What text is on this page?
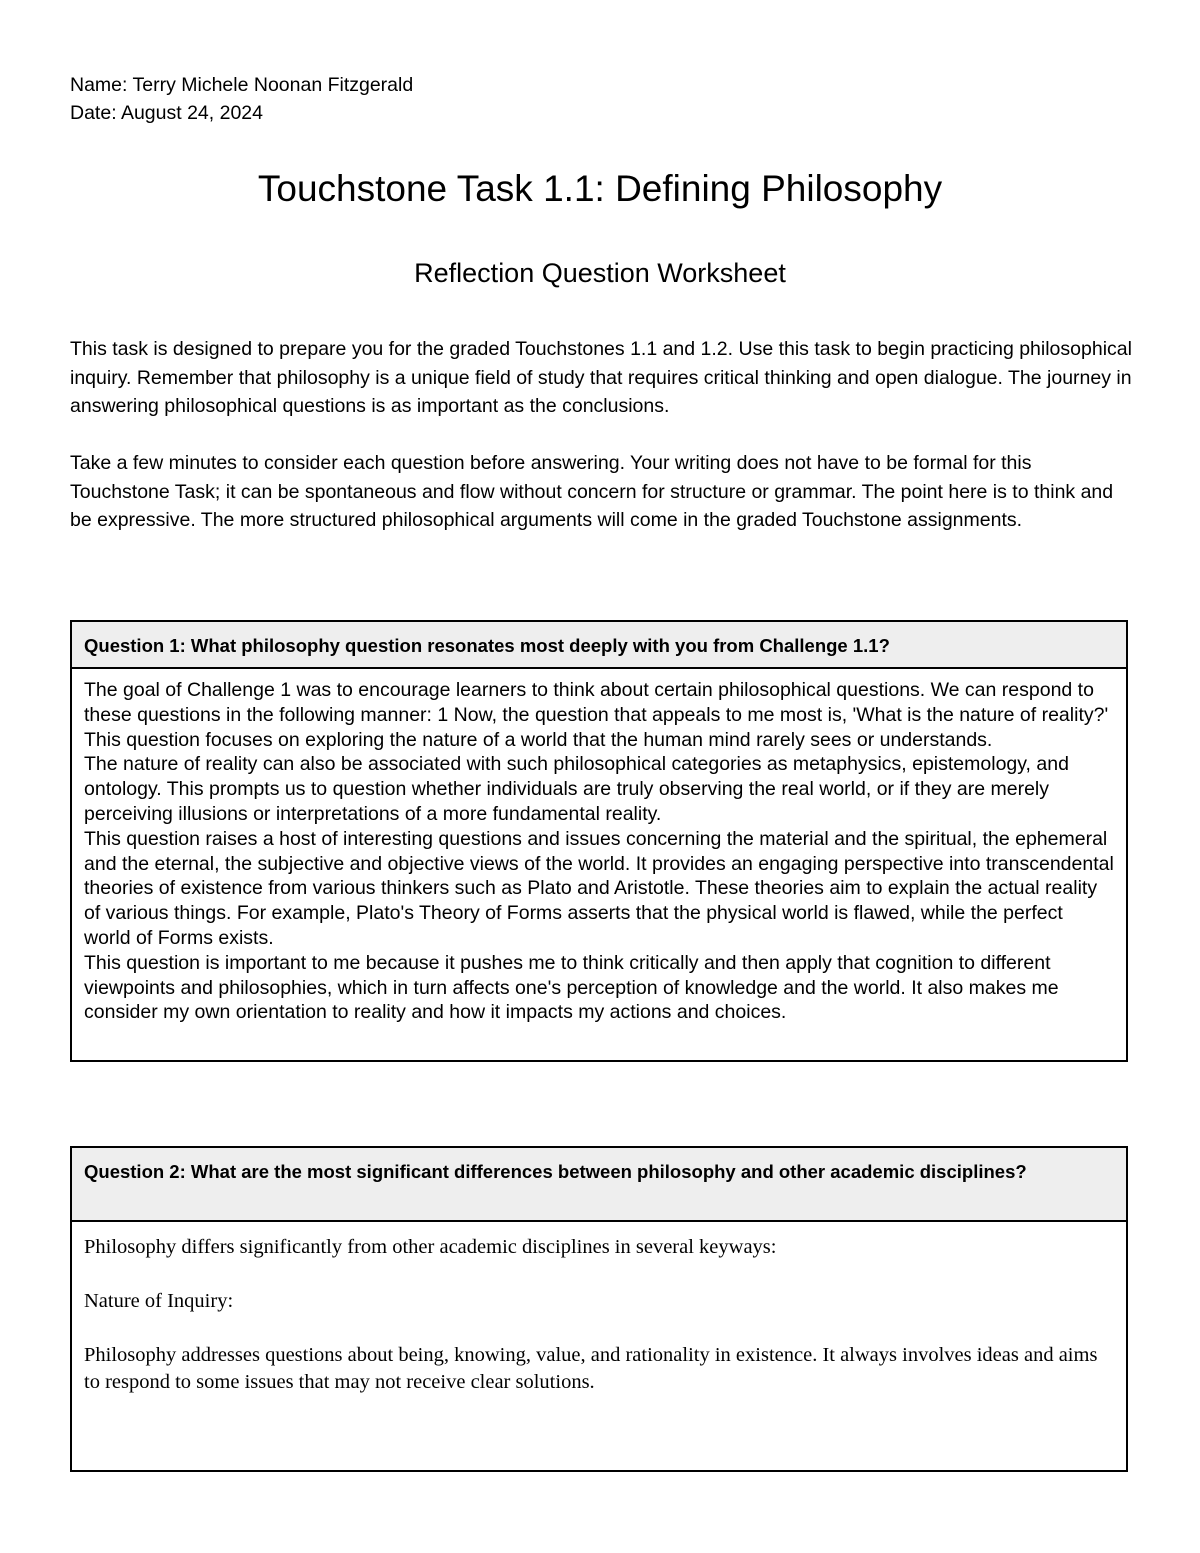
Name: Terry Michele Noonan Fitzgerald
Date: August 24, 2024
Touchstone Task 1.1: Defining Philosophy
Reflection Question Worksheet

This task is designed to prepare you for the graded Touchstones 1.1 and 1.2. Use this task to begin practicing philosophical inquiry. Remember that philosophy is a unique field of study that requires critical thinking and open dialogue. The journey in answering philosophical questions is as important as the conclusions.

Take a few minutes to consider each question before answering. Your writing does not have to be formal for this Touchstone Task; it can be spontaneous and flow without concern for structure or grammar. The point here is to think and be expressive. The more structured philosophical arguments will come in the graded Touchstone assignments.

Question 1: What philosophy question resonates most deeply with you from Challenge 1.1?

The goal of Challenge 1 was to encourage learners to think about certain philosophical questions. We can respond to these questions in the following manner: 1 Now, the question that appeals to me most is, 'What is the nature of reality?' This question focuses on exploring the nature of a world that the human mind rarely sees or understands.

The nature of reality can also be associated with such philosophical categories as metaphysics, epistemology, and ontology. This prompts us to question whether individuals are truly observing the real world, or if they are merely perceiving illusions or interpretations of a more fundamental reality.

This question raises a host of interesting questions and issues concerning the material and the spiritual, the ephemeral and the eternal, the subjective and objective views of the world. It provides an engaging perspective into transcendental theories of existence from various thinkers such as Plato and Aristotle. These theories aim to explain the actual reality of various things. For example, Plato's Theory of Forms asserts that the physical world is flawed, while the perfect world of Forms exists.

This question is important to me because it pushes me to think critically and then apply that cognition to different viewpoints and philosophies, which in turn affects one's perception of knowledge and the world. It also makes me consider my own orientation to reality and how it impacts my actions and choices.

Question 2: What are the most significant differences between philosophy and other academic disciplines?

Philosophy differs significantly from other academic disciplines in several keyways:

Nature of Inquiry:

Philosophy addresses questions about being, knowing, value, and rationality in existence. It always involves ideas and aims to respond to some issues that may not receive clear solutions.
